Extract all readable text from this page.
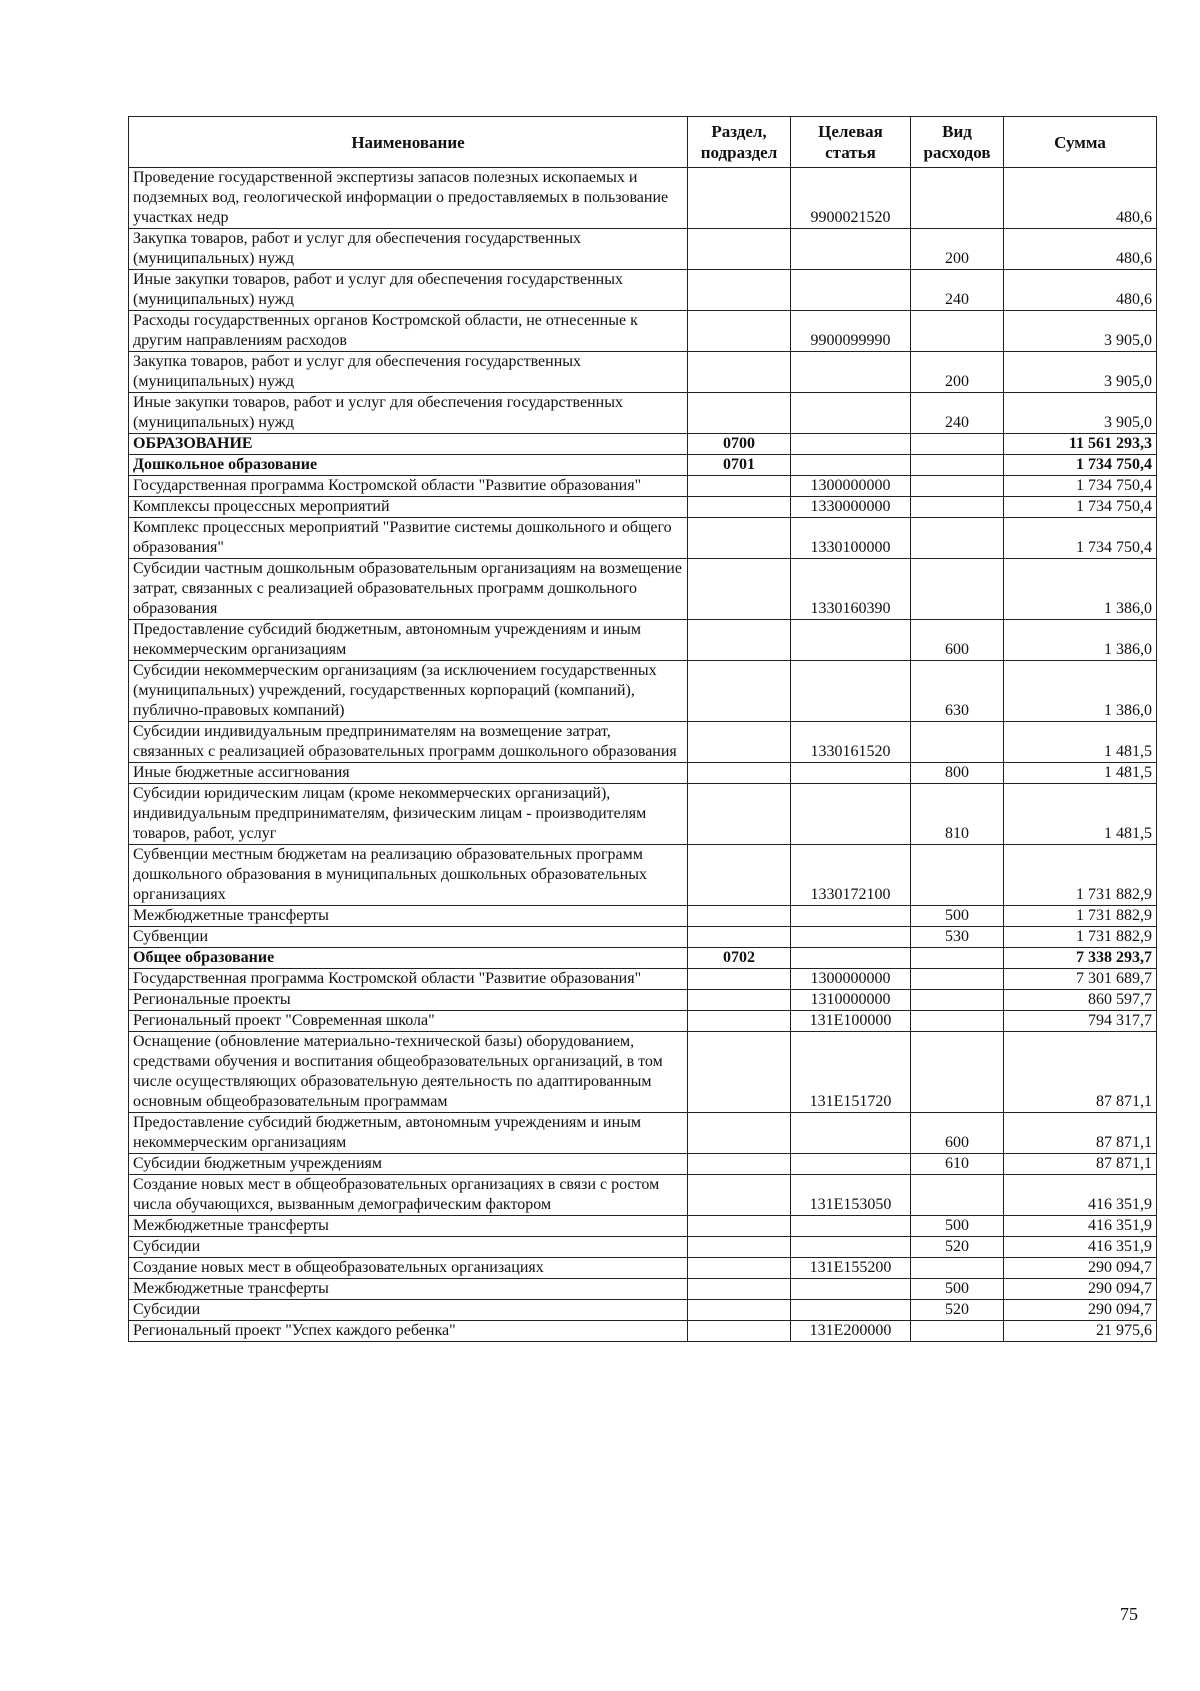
Наименование	Раздел, подраздел	Целевая статья	Вид расходов	Сумма
Проведение государственной экспертизы запасов полезных ископаемых и подземных вод, геологической информации о предоставляемых в пользование участках недр		9900021520		480,6
Закупка товаров, работ и услуг для обеспечения государственных (муниципальных) нужд			200	480,6
Иные закупки товаров, работ и услуг для обеспечения государственных (муниципальных) нужд			240	480,6
Расходы государственных органов Костромской области, не отнесенные к другим направлениям расходов		9900099990		3 905,0
Закупка товаров, работ и услуг для обеспечения государственных (муниципальных) нужд			200	3 905,0
Иные закупки товаров, работ и услуг для обеспечения государственных (муниципальных) нужд			240	3 905,0
ОБРАЗОВАНИЕ	0700			11 561 293,3
Дошкольное образование	0701			1 734 750,4
Государственная программа Костромской области "Развитие образования"		1300000000		1 734 750,4
Комплексы процессных мероприятий		1330000000		1 734 750,4
Комплекс процессных мероприятий "Развитие системы дошкольного и общего образования"		1330100000		1 734 750,4
Субсидии частным дошкольным образовательным организациям на возмещение затрат, связанных с реализацией образовательных программ дошкольного образования		1330160390		1 386,0
Предоставление субсидий бюджетным, автономным учреждениям и иным некоммерческим организациям			600	1 386,0
Субсидии некоммерческим организациям (за исключением государственных (муниципальных) учреждений, государственных корпораций (компаний), публично-правовых компаний)			630	1 386,0
Субсидии индивидуальным предпринимателям на возмещение затрат, связанных с реализацией образовательных программ дошкольного образования		1330161520		1 481,5
Иные бюджетные ассигнования			800	1 481,5
Субсидии юридическим лицам (кроме некоммерческих организаций), индивидуальным предпринимателям, физическим лицам - производителям товаров, работ, услуг			810	1 481,5
Субвенции местным бюджетам на реализацию образовательных программ дошкольного образования в муниципальных дошкольных образовательных организациях		1330172100		1 731 882,9
Межбюджетные трансферты			500	1 731 882,9
Субвенции			530	1 731 882,9
Общее образование	0702			7 338 293,7
Государственная программа Костромской области "Развитие образования"		1300000000		7 301 689,7
Региональные проекты		1310000000		860 597,7
Региональный проект "Современная школа"		131Е100000		794 317,7
Оснащение (обновление материально-технической базы) оборудованием, средствами обучения и воспитания общеобразовательных организаций, в том числе осуществляющих образовательную деятельность по адаптированным основным общеобразовательным программам		131Е151720		87 871,1
Предоставление субсидий бюджетным, автономным учреждениям и иным некоммерческим организациям			600	87 871,1
Субсидии бюджетным учреждениям			610	87 871,1
Создание новых мест в общеобразовательных организациях в связи с ростом числа обучающихся, вызванным демографическим фактором		131Е153050		416 351,9
Межбюджетные трансферты			500	416 351,9
Субсидии			520	416 351,9
Создание новых мест в общеобразовательных организациях		131Е155200		290 094,7
Межбюджетные трансферты			500	290 094,7
Субсидии			520	290 094,7
Региональный проект "Успех каждого ребенка"		131Е200000		21 975,6
75
